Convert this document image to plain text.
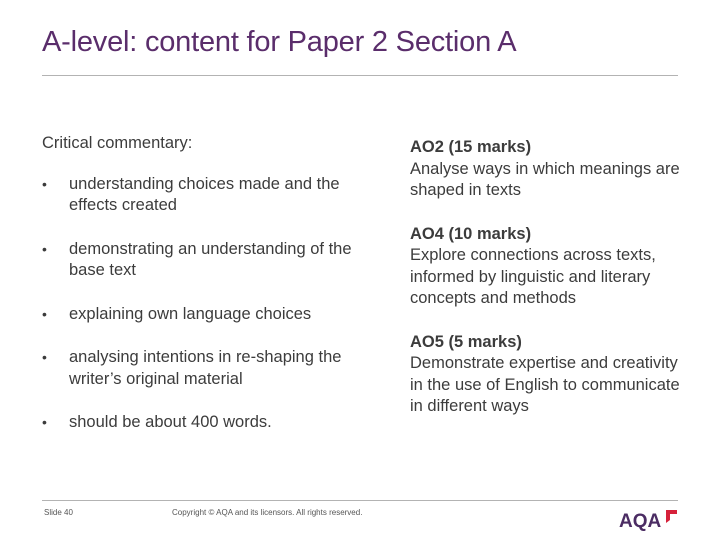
A-level: content for Paper 2 Section A

Critical commentary:

• understanding choices made and the effects created
• demonstrating an understanding of the base text
• explaining own language choices
• analysing intentions in re-shaping the writer’s original material
• should be about 400 words.
AO2 (15 marks)
Analyse ways in which meanings are shaped in texts
AO4 (10 marks)
Explore connections across texts, informed by linguistic and literary concepts and methods
AO5 (5 marks)
Demonstrate expertise and creativity in the use of English to communicate in different ways
Slide 40	Copyright © AQA and its licensors. All rights reserved.	AQA
